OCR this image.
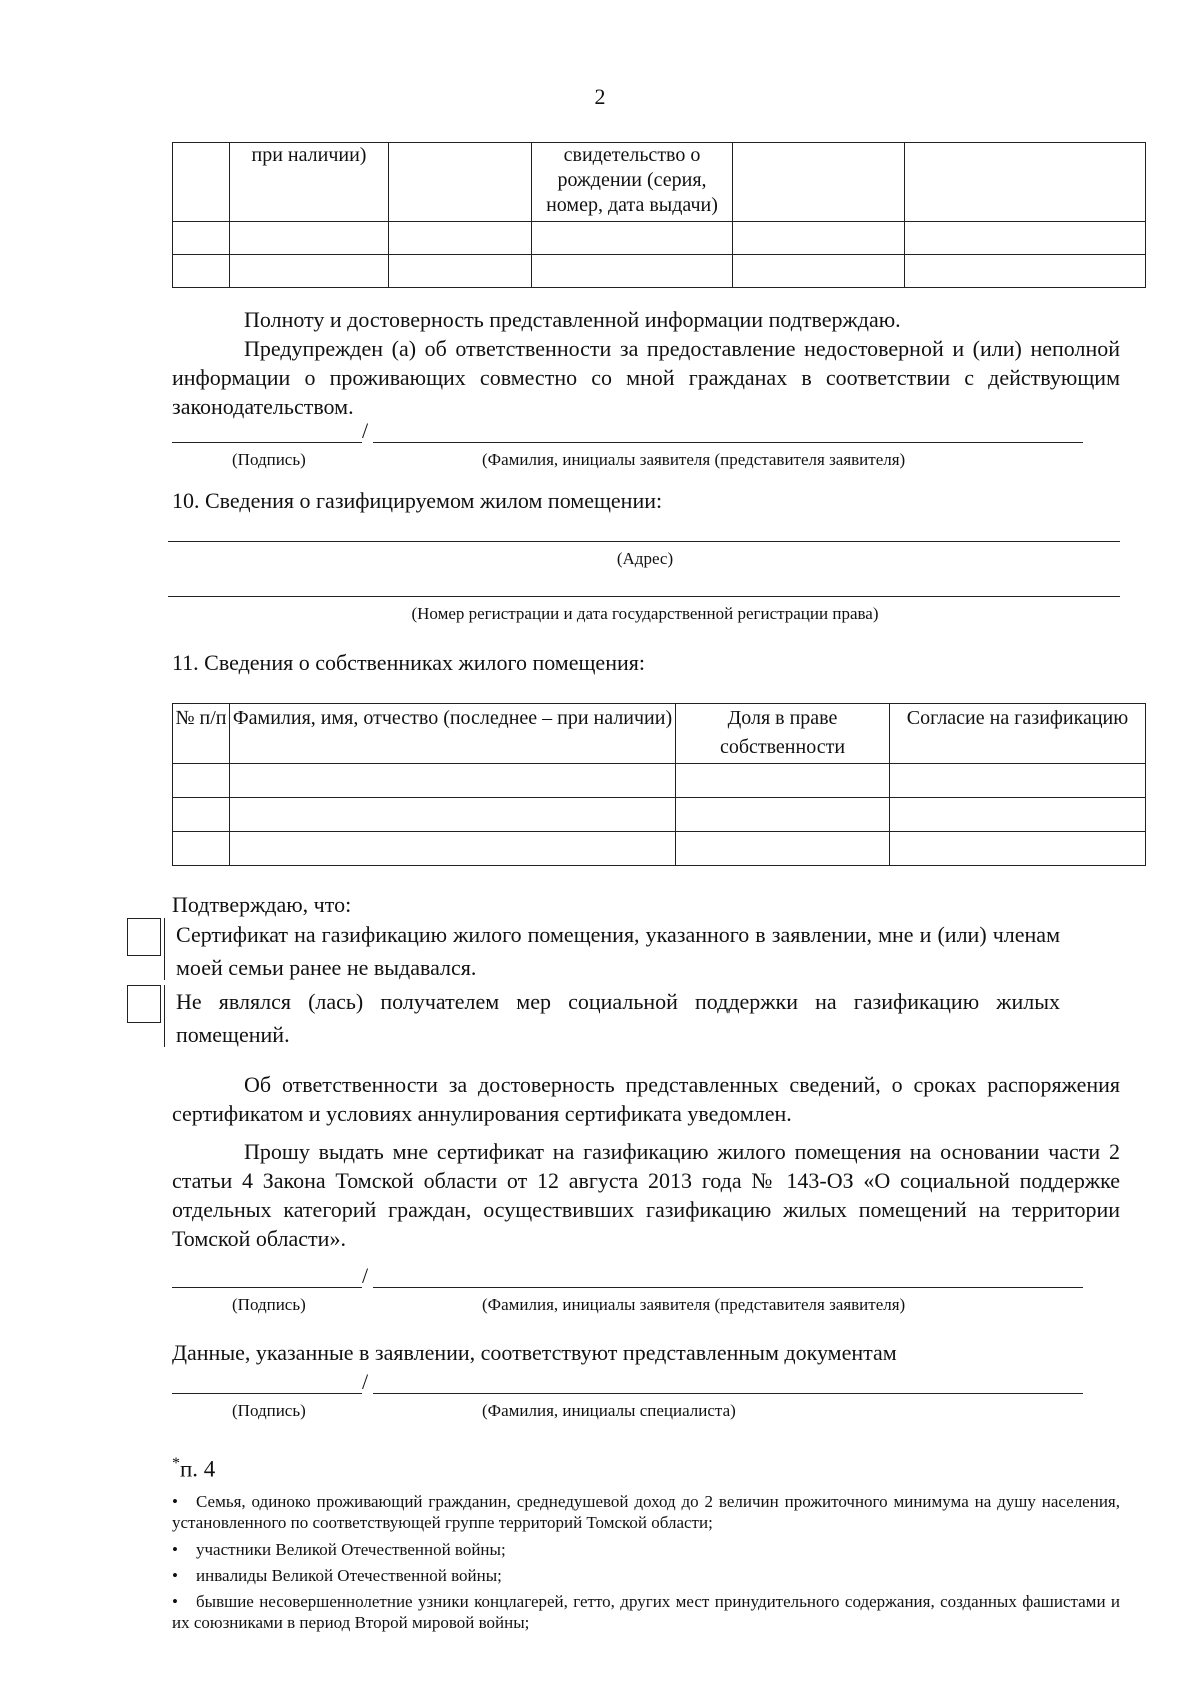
2
	при наличии)		свидетельство о рождении (серия, номер, дата выдачи)		

Полноту и достоверность представленной информации подтверждаю.
Предупрежден (а) об ответственности за предоставление недостоверной и (или) неполной информации о проживающих совместно со мной гражданах в соответствии с действующим законодательством.
/
(Подпись)	(Фамилия, инициалы заявителя (представителя заявителя)
10. Сведения о газифицируемом жилом помещении:
(Адрес)
(Номер регистрации и дата государственной регистрации права)
11. Сведения о собственниках жилого помещения:
№ п/п	Фамилия, имя, отчество (последнее – при наличии)	Доля в праве собственности	Согласие на газификацию

Подтверждаю, что:
Сертификат на газификацию жилого помещения, указанного в заявлении, мне и (или) членам моей семьи ранее не выдавался.
Не являлся (лась) получателем мер социальной поддержки на газификацию жилых помещений.
Об ответственности за достоверность представленных сведений, о сроках распоряжения сертификатом и условиях аннулирования сертификата уведомлен.
Прошу выдать мне сертификат на газификацию жилого помещения на основании части 2 статьи 4 Закона Томской области от 12 августа 2013 года № 143-ОЗ «О социальной поддержке отдельных категорий граждан, осуществивших газификацию жилых помещений на территории Томской области».
/
(Подпись)	(Фамилия, инициалы заявителя (представителя заявителя)
Данные, указанные в заявлении, соответствуют представленным документам
/
(Подпись)	(Фамилия, инициалы специалиста)
*п. 4
• Семья, одиноко проживающий гражданин, среднедушевой доход до 2 величин прожиточного минимума на душу населения, установленного по соответствующей группе территорий Томской области;
• участники Великой Отечественной войны;
• инвалиды Великой Отечественной войны;
• бывшие несовершеннолетние узники концлагерей, гетто, других мест принудительного содержания, созданных фашистами и их союзниками в период Второй мировой войны;
